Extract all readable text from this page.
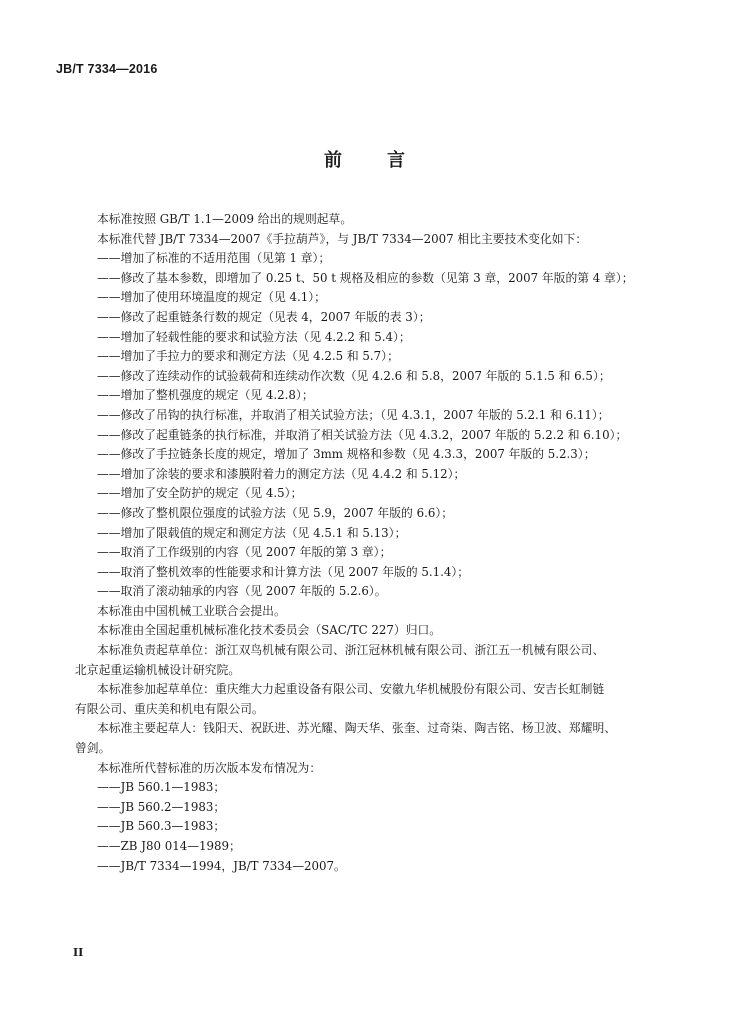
JB/T 7334—2016
前 言

本标准按照 GB/T 1.1—2009 给出的规则起草。

本标准代替 JB/T 7334—2007《手拉葫芦》，与 JB/T 7334—2007 相比主要技术变化如下：

——增加了标准的不适用范围（见第 1 章）；

——修改了基本参数，即增加了 0.25 t、50 t 规格及相应的参数（见第 3 章，2007 年版的第 4 章）；

——增加了使用环境温度的规定（见 4.1）；

——修改了起重链条行数的规定（见表 4，2007 年版的表 3）；

——增加了轻载性能的要求和试验方法（见 4.2.2 和 5.4）；

——增加了手拉力的要求和测定方法（见 4.2.5 和 5.7）；

——修改了连续动作的试验载荷和连续动作次数（见 4.2.6 和 5.8，2007 年版的 5.1.5 和 6.5）；

——增加了整机强度的规定（见 4.2.8）；

——修改了吊钩的执行标准，并取消了相关试验方法；（见 4.3.1，2007 年版的 5.2.1 和 6.11）；

——修改了起重链条的执行标准，并取消了相关试验方法（见 4.3.2，2007 年版的 5.2.2 和 6.10）；

——修改了手拉链条长度的规定，增加了 3mm 规格和参数（见 4.3.3，2007 年版的 5.2.3）；

——增加了涂装的要求和漆膜附着力的测定方法（见 4.4.2 和 5.12）；

——增加了安全防护的规定（见 4.5）；

——修改了整机限位强度的试验方法（见 5.9，2007 年版的 6.6）；

——增加了限载值的规定和测定方法（见 4.5.1 和 5.13）；

——取消了工作级别的内容（见 2007 年版的第 3 章）；

——取消了整机效率的性能要求和计算方法（见 2007 年版的 5.1.4）；

——取消了滚动轴承的内容（见 2007 年版的 5.2.6）。

本标准由中国机械工业联合会提出。

本标准由全国起重机械标准化技术委员会（SAC/TC 227）归口。

本标准负责起草单位：浙江双鸟机械有限公司、浙江冠林机械有限公司、浙江五一机械有限公司、

北京起重运输机械设计研究院。

本标准参加起草单位：重庆维大力起重设备有限公司、安徽九华机械股份有限公司、安吉长虹制链

有限公司、重庆美和机电有限公司。

本标准主要起草人：钱阳天、祝跃进、苏光耀、陶天华、张奎、过奇柒、陶吉铭、杨卫波、郑耀明、

曾剑。

本标准所代替标准的历次版本发布情况为：

——JB 560.1—1983；

——JB 560.2—1983；

——JB 560.3—1983；

——ZB J80 014—1989；

——JB/T 7334—1994，JB/T 7334—2007。

II
